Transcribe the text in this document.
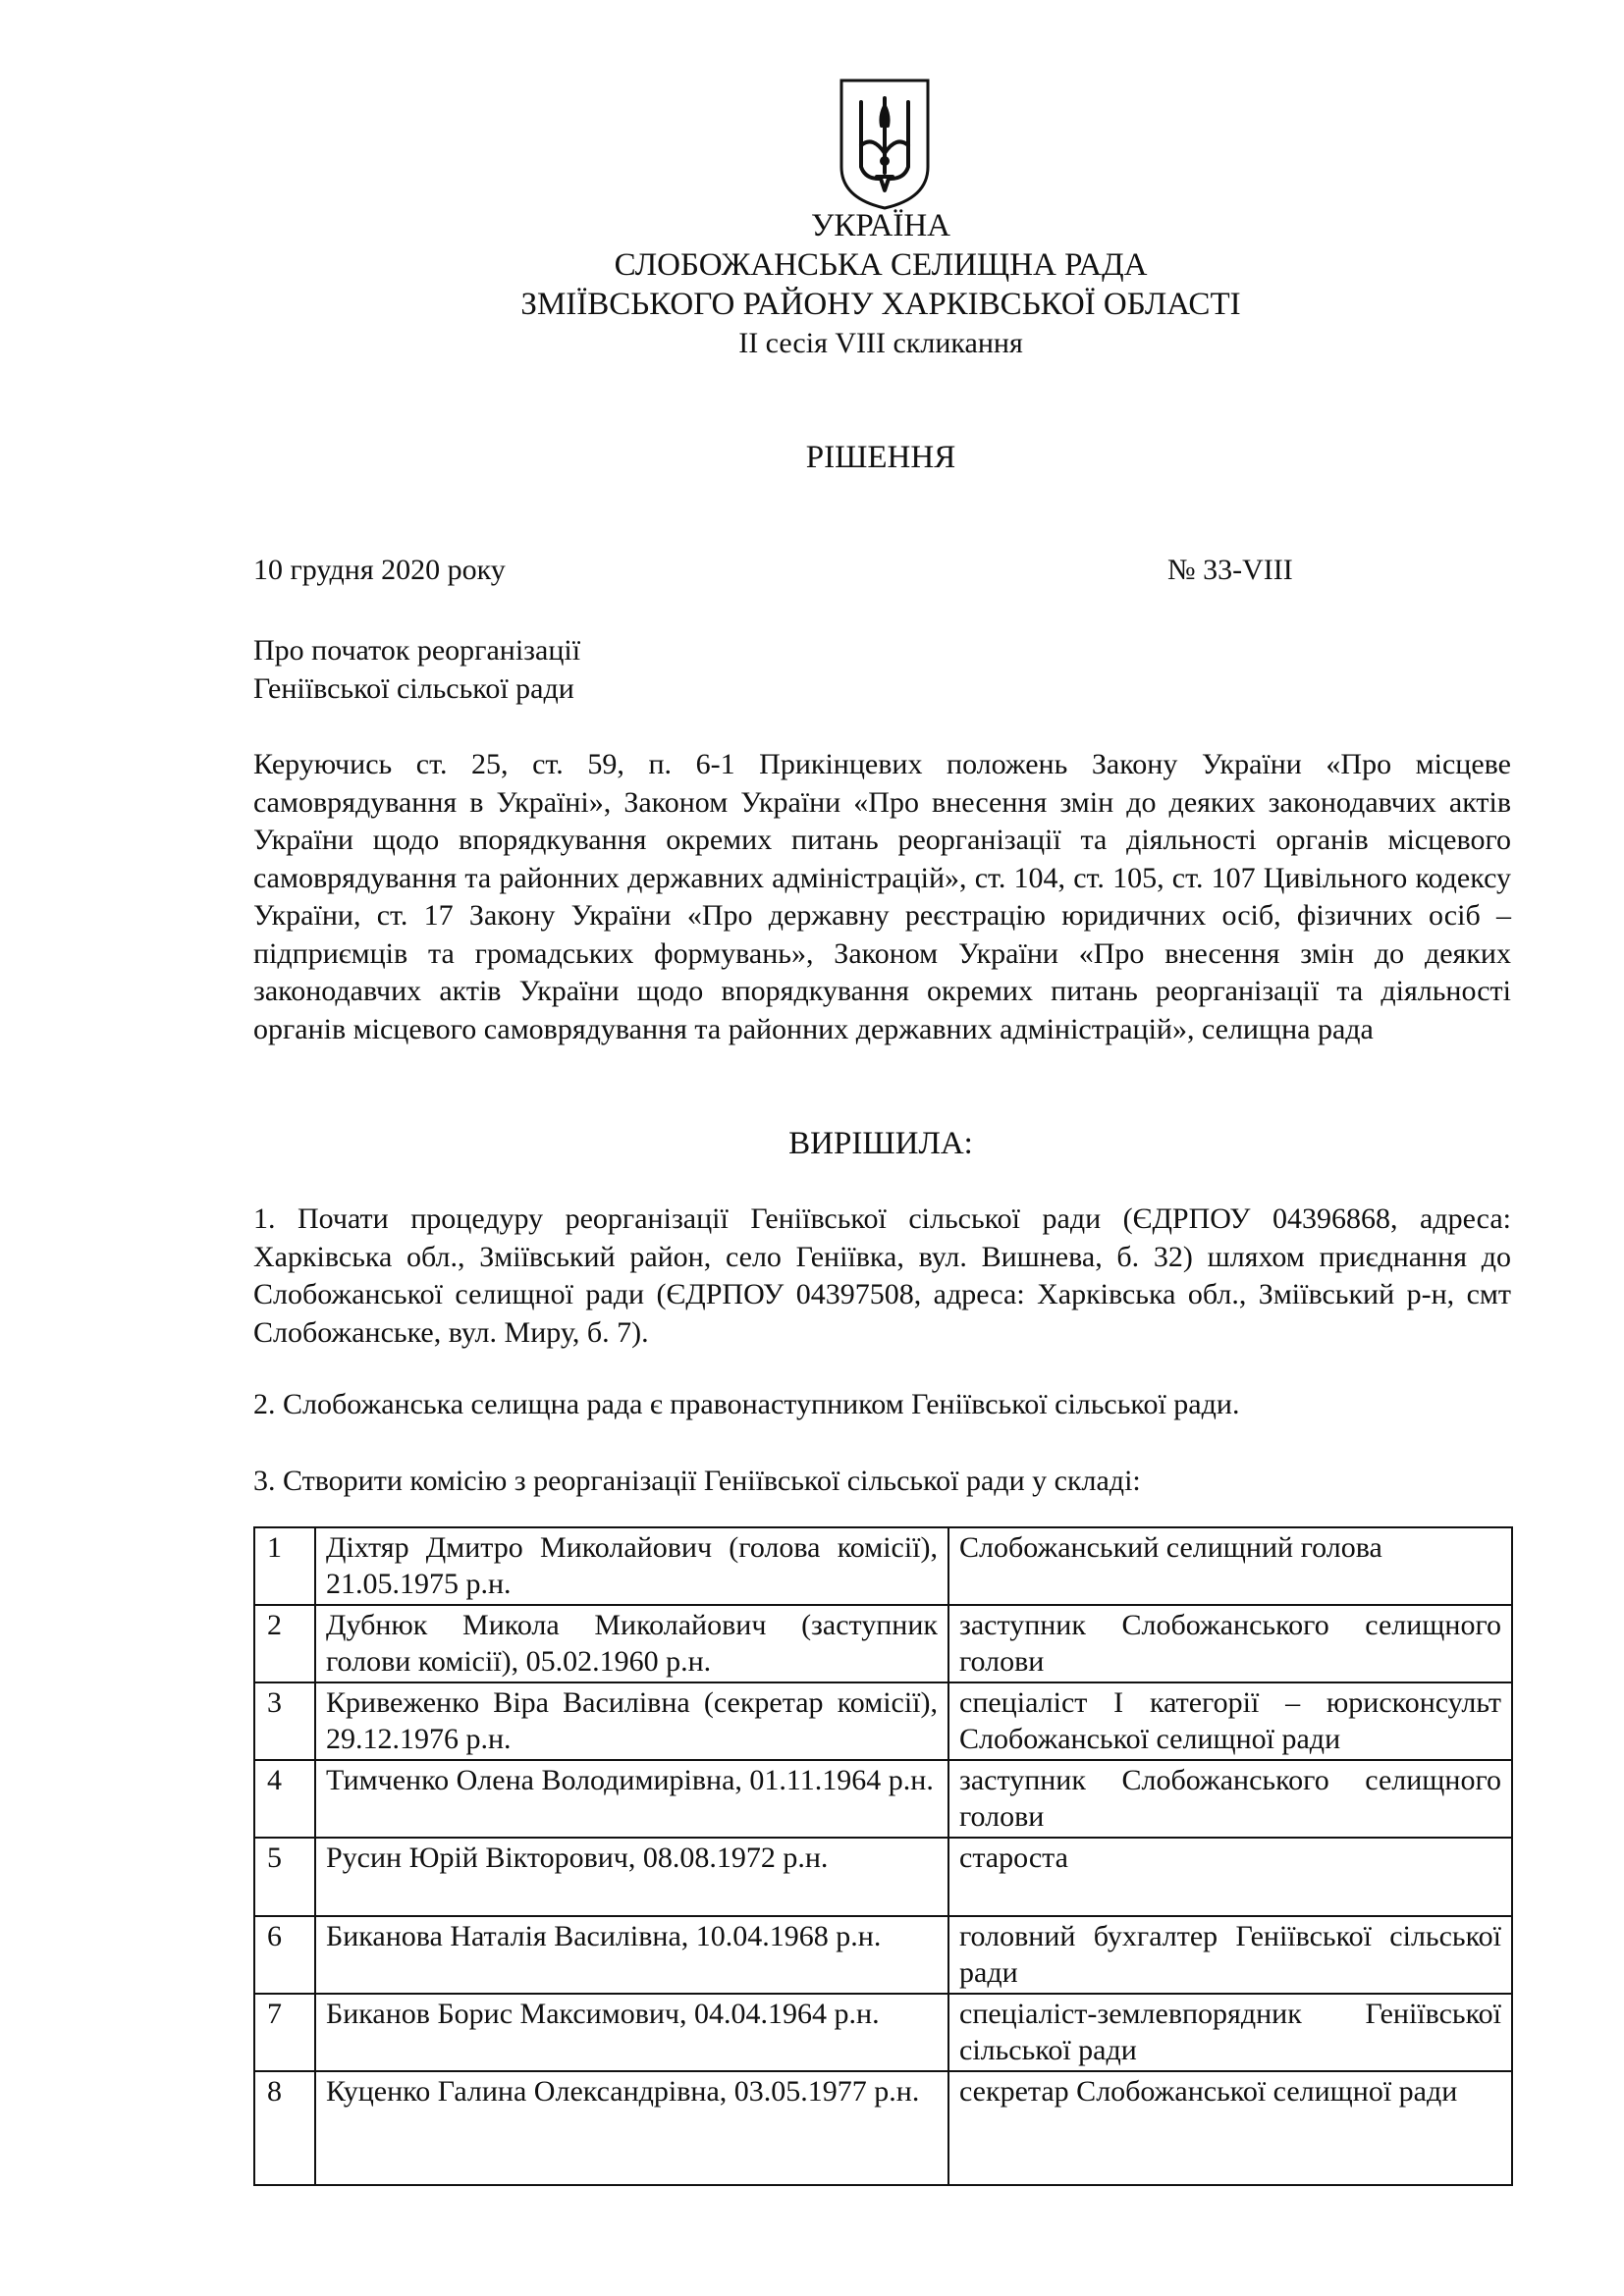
УКРАЇНА
СЛОБОЖАНСЬКА СЕЛИЩНА РАДА
ЗМІЇВСЬКОГО РАЙОНУ ХАРКІВСЬКОЇ ОБЛАСТІ
ІІ сесія VIII скликання
РІШЕННЯ
10 грудня 2020 року	№ 33-VIII
Про початок реорганізації
Геніївської сільської ради
Керуючись ст. 25, ст. 59, п. 6-1 Прикінцевих положень Закону України «Про місцеве самоврядування в Україні», Законом України «Про внесення змін до деяких законодавчих актів України щодо впорядкування окремих питань реорганізації та діяльності органів місцевого самоврядування та районних державних адміністрацій», ст. 104, ст. 105, ст. 107 Цивільного кодексу України, ст. 17 Закону України «Про державну реєстрацію юридичних осіб, фізичних осіб – підприємців та громадських формувань», Законом України «Про внесення змін до деяких законодавчих актів України щодо впорядкування окремих питань реорганізації та діяльності органів місцевого самоврядування та районних державних адміністрацій», селищна рада
ВИРІШИЛА:
1. Почати процедуру реорганізації Геніївської сільської ради (ЄДРПОУ 04396868, адреса: Харківська обл., Зміївський район, село Геніївка, вул. Вишнева, б. 32) шляхом приєднання до Слобожанської селищної ради (ЄДРПОУ 04397508, адреса: Харківська обл., Зміївський р-н, смт Слобожанське, вул. Миру, б. 7).
2. Слобожанська селищна рада є правонаступником Геніївської сільської ради.
3. Створити комісію з реорганізації Геніївської сільської ради у складі:
1	Діхтяр Дмитро Миколайович (голова комісії), 21.05.1975 р.н.	Слобожанський селищний голова
2	Дубнюк Микола Миколайович (заступник голови комісії), 05.02.1960 р.н.	заступник Слобожанського селищного голови
3	Кривеженко Віра Василівна (секретар комісії), 29.12.1976 р.н.	спеціаліст І категорії – юрисконсульт Слобожанської селищної ради
4	Тимченко Олена Володимирівна, 01.11.1964 р.н.	заступник Слобожанського селищного голови
5	Русин Юрій Вікторович, 08.08.1972 р.н.	староста
6	Биканова Наталія Василівна, 10.04.1968 р.н.	головний бухгалтер Геніївської сільської ради
7	Биканов Борис Максимович, 04.04.1964 р.н.	спеціаліст-землевпорядник Геніївської сільської ради
8	Куценко Галина Олександрівна, 03.05.1977 р.н.	секретар Слобожанської селищної ради
